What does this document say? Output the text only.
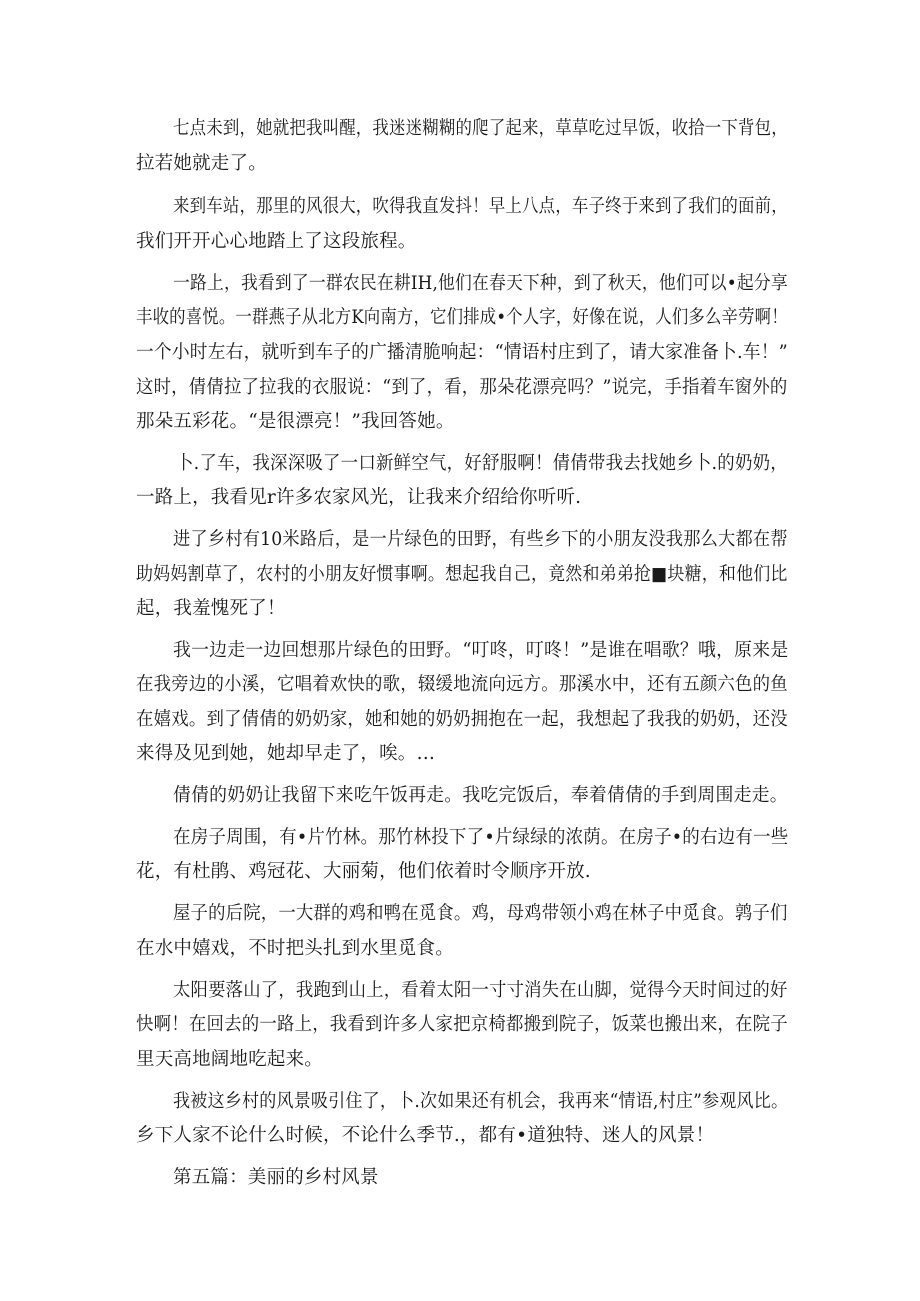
七点未到，她就把我叫醒，我迷迷糊糊的爬了起来，草草吃过早饭，收拾一下背包，
拉若她就走了。
来到车站，那里的风很大，吹得我直发抖！早上八点，车子终于来到了我们的面前，
我们开开心心地踏上了这段旅程。
一路上，我看到了一群农民在耕IH,他们在春天下种，到了秋天，他们可以•起分享
丰收的喜悦。一群燕子从北方K向南方，它们排成•个人字，好像在说，人们多么辛劳啊！
一个小时左右，就听到车子的广播清脆响起：“情语村庄到了，请大家准备卜.车！”
这时，倩倩拉了拉我的衣服说：“到了，看，那朵花漂亮吗？”说完，手指着车窗外的
那朵五彩花。“是很漂亮！”我回答她。
卜.了车，我深深吸了一口新鲜空气，好舒服啊！倩倩带我去找她乡卜.的奶奶，
一路上，我看见r许多农家风光，让我来介绍给你听听.
进了乡村有10米路后，是一片绿色的田野，有些乡下的小朋友没我那么大都在帮
助妈妈割草了，农村的小朋友好惯事啊。想起我自己，竟然和弟弟抢■块糖，和他们比
起，我羞愧死了！
我一边走一边回想那片绿色的田野。“叮咚，叮咚！”是谁在唱歌？哦，原来是
在我旁边的小溪，它唱着欢快的歌，辍缓地流向远方。那溪水中，还有五颜六色的鱼
在嬉戏。到了倩倩的奶奶家，她和她的奶奶拥抱在一起，我想起了我我的奶奶，还没
来得及见到她，她却早走了，唉。…
倩倩的奶奶让我留下来吃午饭再走。我吃完饭后，奉着倩倩的手到周围走走。
在房子周围，有•片竹林。那竹林投下了•片绿绿的浓荫。在房子•的右边有一些
花，有杜鹃、鸡冠花、大丽菊，他们依着时令顺序开放.
屋子的后院，一大群的鸡和鸭在觅食。鸡，母鸡带领小鸡在林子中觅食。鹑子们
在水中嬉戏，不时把头扎到水里觅食。
太阳要落山了，我跑到山上，看着太阳一寸寸消失在山脚，觉得今天时间过的好
快啊！在回去的一路上，我看到许多人家把京椅都搬到院子，饭菜也搬出来，在院子
里天高地阔地吃起来。
我被这乡村的风景吸引住了，卜.次如果还有机会，我再来“情语,村庄”参观风比。
乡下人家不论什么时候，不论什么季节.，都有•道独特、迷人的风景！
第五篇：美丽的乡村风景
